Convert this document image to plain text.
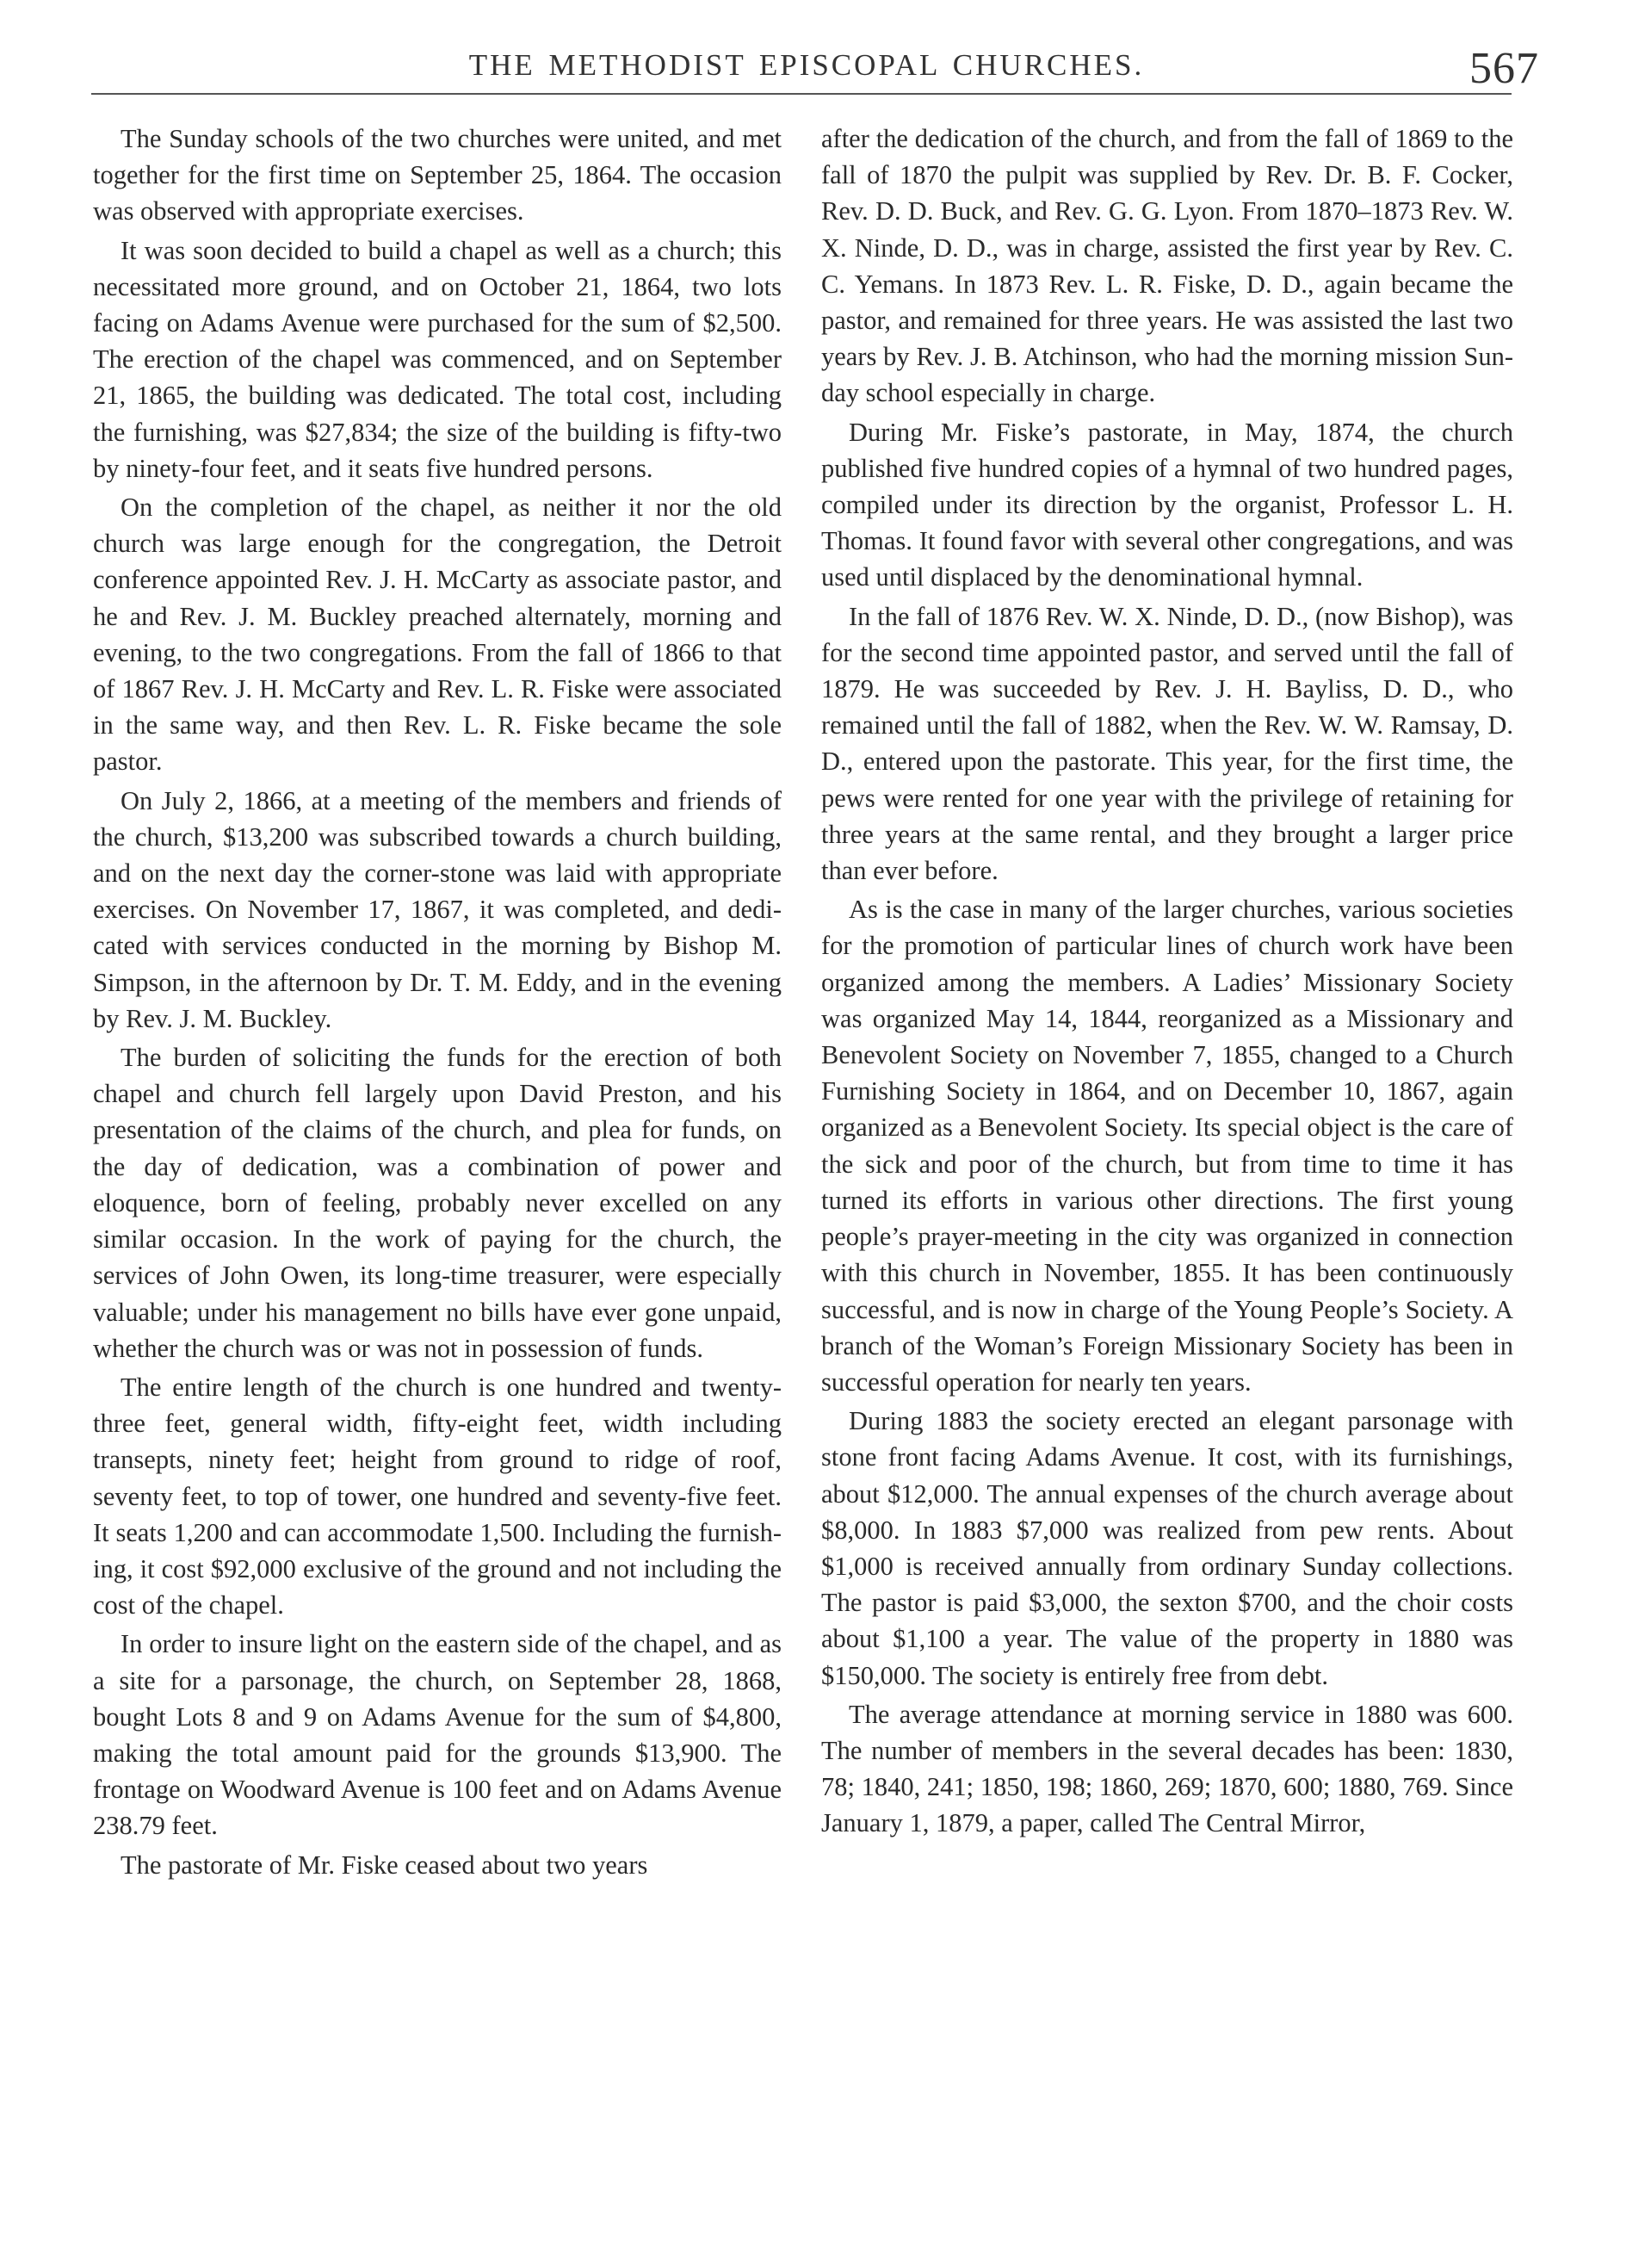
THE METHODIST EPISCOPAL CHURCHES.	567

The Sunday schools of the two churches were united, and met together for the first time on September 25, 1864. The occasion was observed with appropriate exercises.

It was soon decided to build a chapel as well as a church; this necessitated more ground, and on October 21, 1864, two lots facing on Adams Avenue were purchased for the sum of $2,500. The erection of the chapel was commenced, and on September 21, 1865, the building was dedicated. The total cost, including the furnishing, was $27,834; the size of the building is fifty-two by ninety-four feet, and it seats five hundred persons.

On the completion of the chapel, as neither it nor the old church was large enough for the congregation, the Detroit conference appointed Rev. J. H. McCarty as associate pastor, and he and Rev. J. M. Buckley preached alternately, morning and evening, to the two congregations. From the fall of 1866 to that of 1867 Rev. J. H. McCarty and Rev. L. R. Fiske were associated in the same way, and then Rev. L. R. Fiske became the sole pastor.

On July 2, 1866, at a meeting of the members and friends of the church, $13,200 was subscribed towards a church building, and on the next day the corner-stone was laid with appropriate exercises. On November 17, 1867, it was completed, and dedicated with services conducted in the morning by Bishop M. Simpson, in the afternoon by Dr. T. M. Eddy, and in the evening by Rev. J. M. Buckley.

The burden of soliciting the funds for the erection of both chapel and church fell largely upon David Preston, and his presentation of the claims of the church, and plea for funds, on the day of dedication, was a combination of power and eloquence, born of feeling, probably never excelled on any similar occasion. In the work of paying for the church, the services of John Owen, its long-time treasurer, were especially valuable; under his management no bills have ever gone unpaid, whether the church was or was not in possession of funds.

The entire length of the church is one hundred and twenty-three feet, general width, fifty-eight feet, width including transepts, ninety feet; height from ground to ridge of roof, seventy feet, to top of tower, one hundred and seventy-five feet. It seats 1,200 and can accommodate 1,500. Including the furnishing, it cost $92,000 exclusive of the ground and not including the cost of the chapel.

In order to insure light on the eastern side of the chapel, and as a site for a parsonage, the church, on September 28, 1868, bought Lots 8 and 9 on Adams Avenue for the sum of $4,800, making the total amount paid for the grounds $13,900. The frontage on Woodward Avenue is 100 feet and on Adams Avenue 238.79 feet.

The pastorate of Mr. Fiske ceased about two years

after the dedication of the church, and from the fall of 1869 to the fall of 1870 the pulpit was supplied by Rev. Dr. B. F. Cocker, Rev. D. D. Buck, and Rev. G. G. Lyon. From 1870–1873 Rev. W. X. Ninde, D. D., was in charge, assisted the first year by Rev. C. C. Yemans. In 1873 Rev. L. R. Fiske, D. D., again became the pastor, and remained for three years. He was assisted the last two years by Rev. J. B. Atchinson, who had the morning mission Sunday school especially in charge.

During Mr. Fiske’s pastorate, in May, 1874, the church published five hundred copies of a hymnal of two hundred pages, compiled under its direction by the organist, Professor L. H. Thomas. It found favor with several other congregations, and was used until displaced by the denominational hymnal.

In the fall of 1876 Rev. W. X. Ninde, D. D., (now Bishop), was for the second time appointed pastor, and served until the fall of 1879. He was succeeded by Rev. J. H. Bayliss, D. D., who remained until the fall of 1882, when the Rev. W. W. Ramsay, D. D., entered upon the pastorate. This year, for the first time, the pews were rented for one year with the privilege of retaining for three years at the same rental, and they brought a larger price than ever before.

As is the case in many of the larger churches, various societies for the promotion of particular lines of church work have been organized among the members. A Ladies’ Missionary Society was organized May 14, 1844, reorganized as a Missionary and Benevolent Society on November 7, 1855, changed to a Church Furnishing Society in 1864, and on December 10, 1867, again organized as a Benevolent Society. Its special object is the care of the sick and poor of the church, but from time to time it has turned its efforts in various other directions. The first young people’s prayer-meeting in the city was organized in connection with this church in November, 1855. It has been continuously successful, and is now in charge of the Young People’s Society. A branch of the Woman’s Foreign Missionary Society has been in successful operation for nearly ten years.

During 1883 the society erected an elegant parsonage with stone front facing Adams Avenue. It cost, with its furnishings, about $12,000. The annual expenses of the church average about $8,000. In 1883 $7,000 was realized from pew rents. About $1,000 is received annually from ordinary Sunday collections. The pastor is paid $3,000, the sexton $700, and the choir costs about $1,100 a year. The value of the property in 1880 was $150,000. The society is entirely free from debt.

The average attendance at morning service in 1880 was 600. The number of members in the several decades has been: 1830, 78; 1840, 241; 1850, 198; 1860, 269; 1870, 600; 1880, 769. Since January 1, 1879, a paper, called The Central Mirror,
